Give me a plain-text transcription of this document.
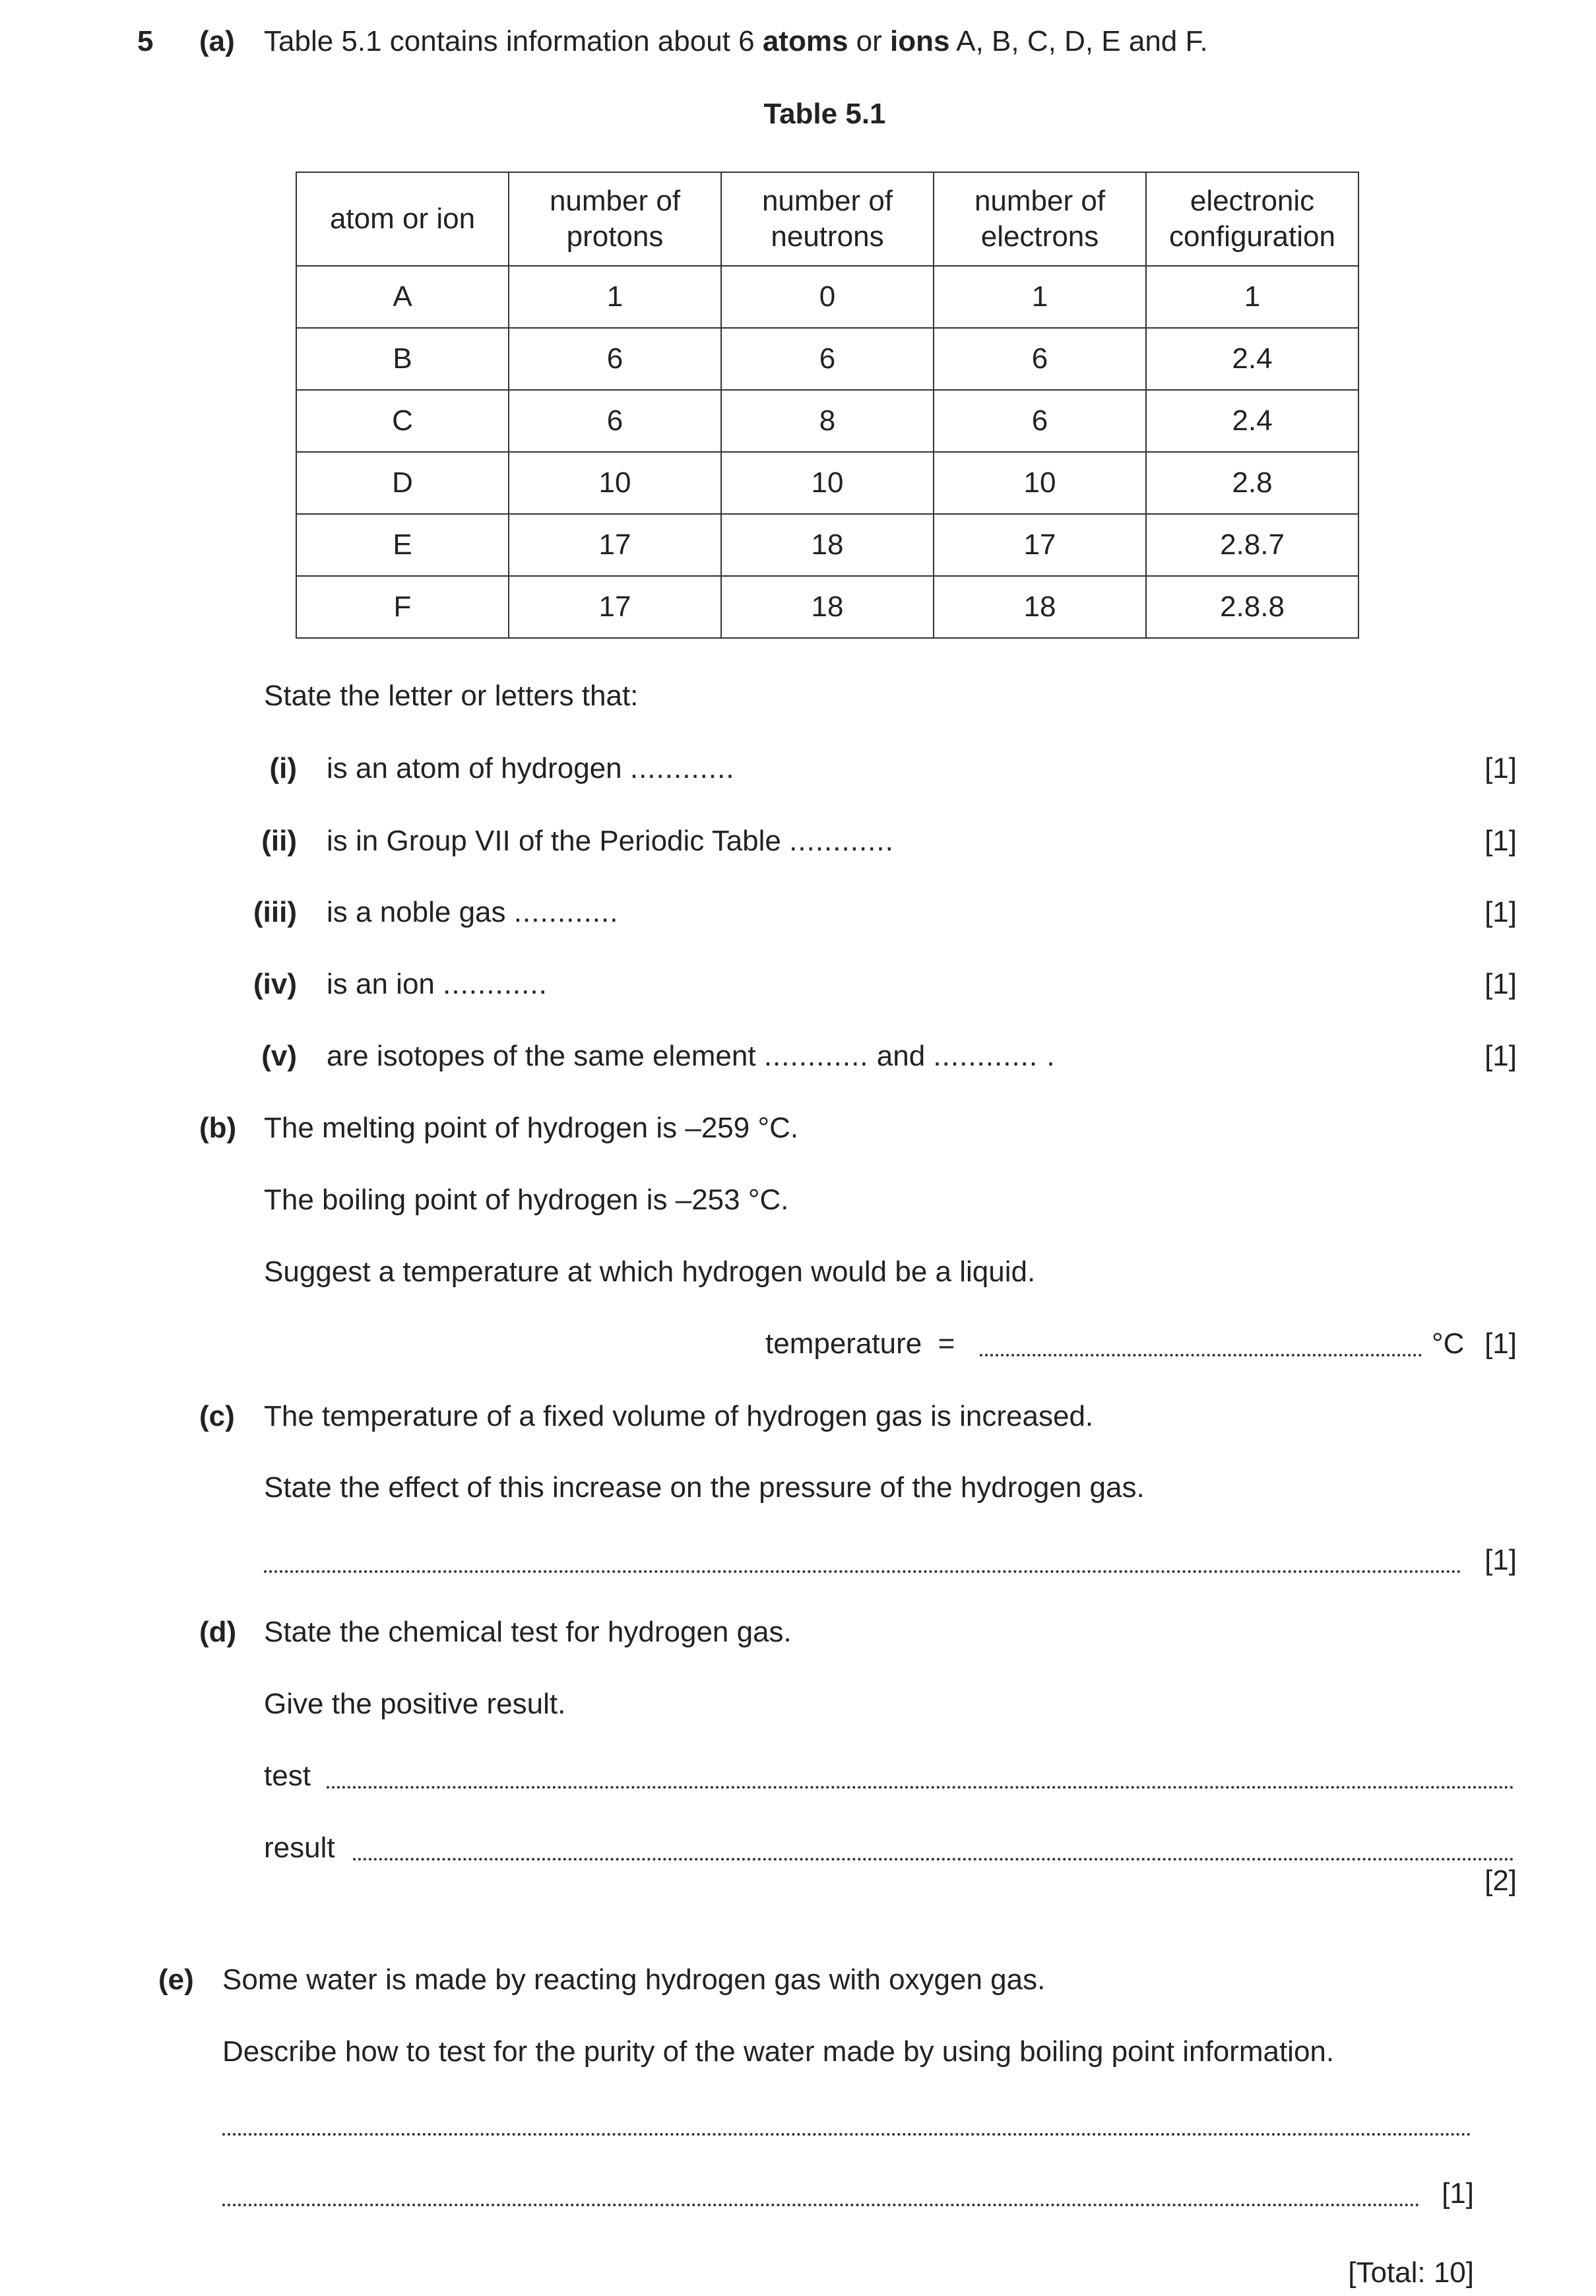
5 (a) Table 5.1 contains information about 6 atoms or ions A, B, C, D, E and F.
Table 5.1
atom or ion	number of protons	number of neutrons	number of electrons	electronic configuration
A	1	0	1	1
B	6	6	6	2.4
C	6	8	6	2.4
D	10	10	10	2.8
E	17	18	17	2.8.7
F	17	18	18	2.8.8
State the letter or letters that:
(i) is an atom of hydrogen ............	[1]
(ii) is in Group VII of the Periodic Table ............	[1]
(iii) is a noble gas ............	[1]
(iv) is an ion ............	[1]
(v) are isotopes of the same element ............ and ............ .	[1]
(b) The melting point of hydrogen is –259 °C.
The boiling point of hydrogen is –253 °C.
Suggest a temperature at which hydrogen would be a liquid.
temperature  =	°C [1]
(c) The temperature of a fixed volume of hydrogen gas is increased.
State the effect of this increase on the pressure of the hydrogen gas.
[1]
(d) State the chemical test for hydrogen gas.
Give the positive result.
test
result
[2]
(e) Some water is made by reacting hydrogen gas with oxygen gas.
Describe how to test for the purity of the water made by using boiling point information.
[1]
[Total: 10]
